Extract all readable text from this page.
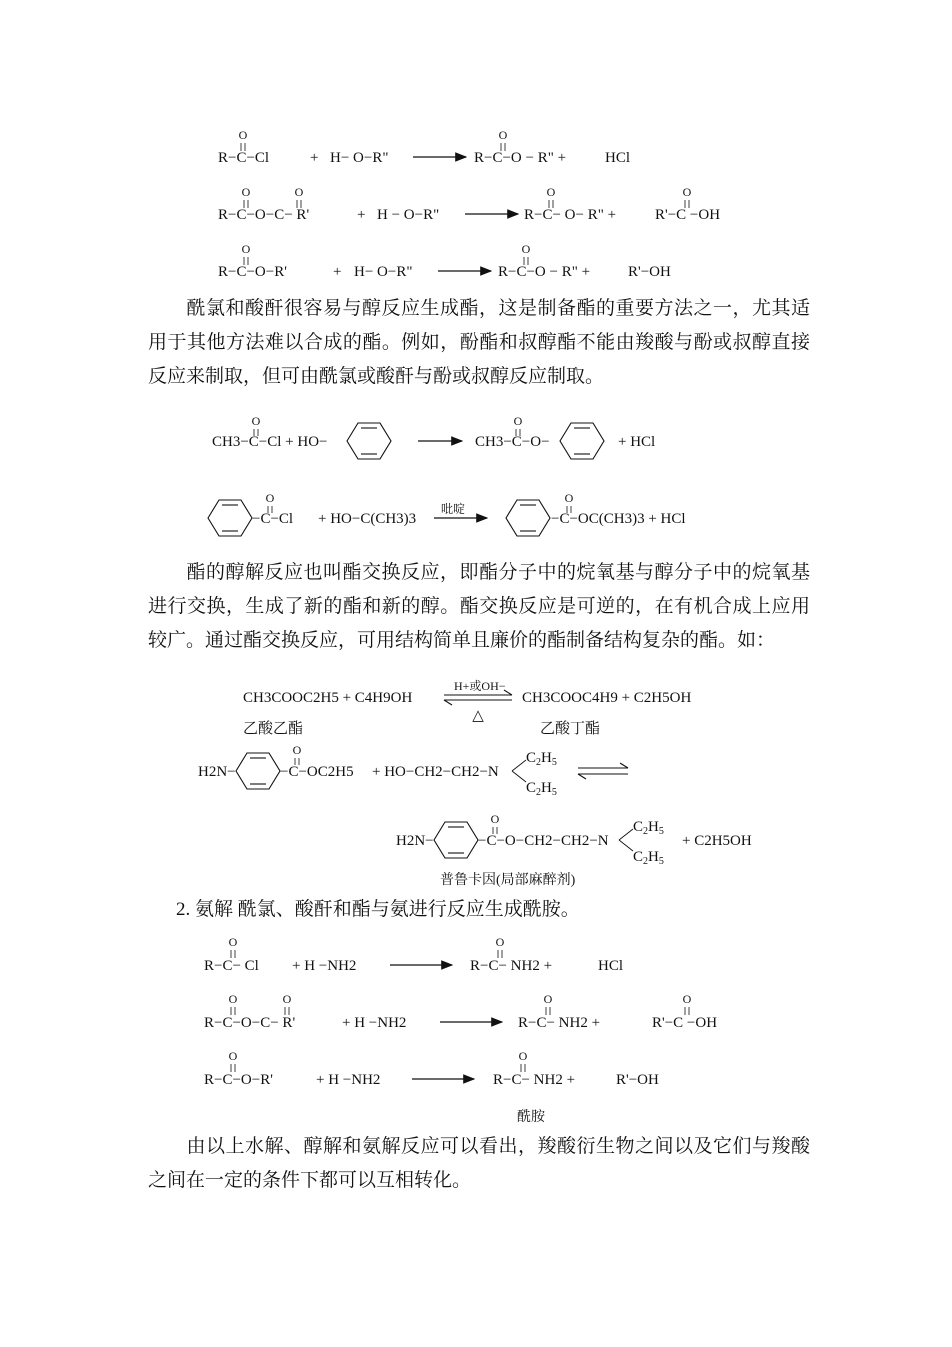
O
R−C−Cl	+ H− O−R"
O
R−C−O − R" +	HCl
O	O
R−C−O−C− R'	+ H − O−R"
O
R−C− O− R" +
O
R'−C −OH
O
R−C−O−R'	+ H− O−R"
O
R−C−O − R" +	R'−OH
酰氯和酸酐很容易与醇反应生成酯，这是制备酯的重要方法之一，尤其适用于其他方法难以合成的酯。例如，酚酯和叔醇酯不能由羧酸与酚或叔醇直接反应来制取，但可由酰氯或酸酐与酚或叔醇反应制取。
O
CH3−C−Cl + HO−
O
CH3−C−O−	+ HCl
O
−C−Cl + HO−C(CH3)3
吡啶
O
−C−OC(CH3)3 + HCl
酯的醇解反应也叫酯交换反应，即酯分子中的烷氧基与醇分子中的烷氧基进行交换，生成了新的酯和新的醇。酯交换反应是可逆的，在有机合成上应用较广。通过酯交换反应，可用结构简单且廉价的酯制备结构复杂的酯。如：
CH3COOC2H5 + C4H9OH
H+或OH−
△
CH3COOC4H9 + C2H5OH
乙酸乙酯	乙酸丁酯
H2N−
O
−C−OC2H5 + HO−CH2−CH2−N
$C_2H_5$
$C_2H_5$
H2N−
O
−C−O−CH2−CH2−N
$C_2H_5$
$C_2H_5$
+ C2H5OH
普鲁卡因(局部麻醉剂)
2. 氨解 酰氯、酸酐和酯与氨进行反应生成酰胺。
O
R−C− Cl + H −NH2
O
R−C− NH2 +	HCl
O	O
R−C−O−C− R'	+ H −NH2
O
R−C− NH2 +
O
R'−C −OH
O
R−C−O−R'	+ H −NH2
O
R−C− NH2 +	R'−OH
酰胺
由以上水解、醇解和氨解反应可以看出，羧酸衍生物之间以及它们与羧酸之间在一定的条件下都可以互相转化。
